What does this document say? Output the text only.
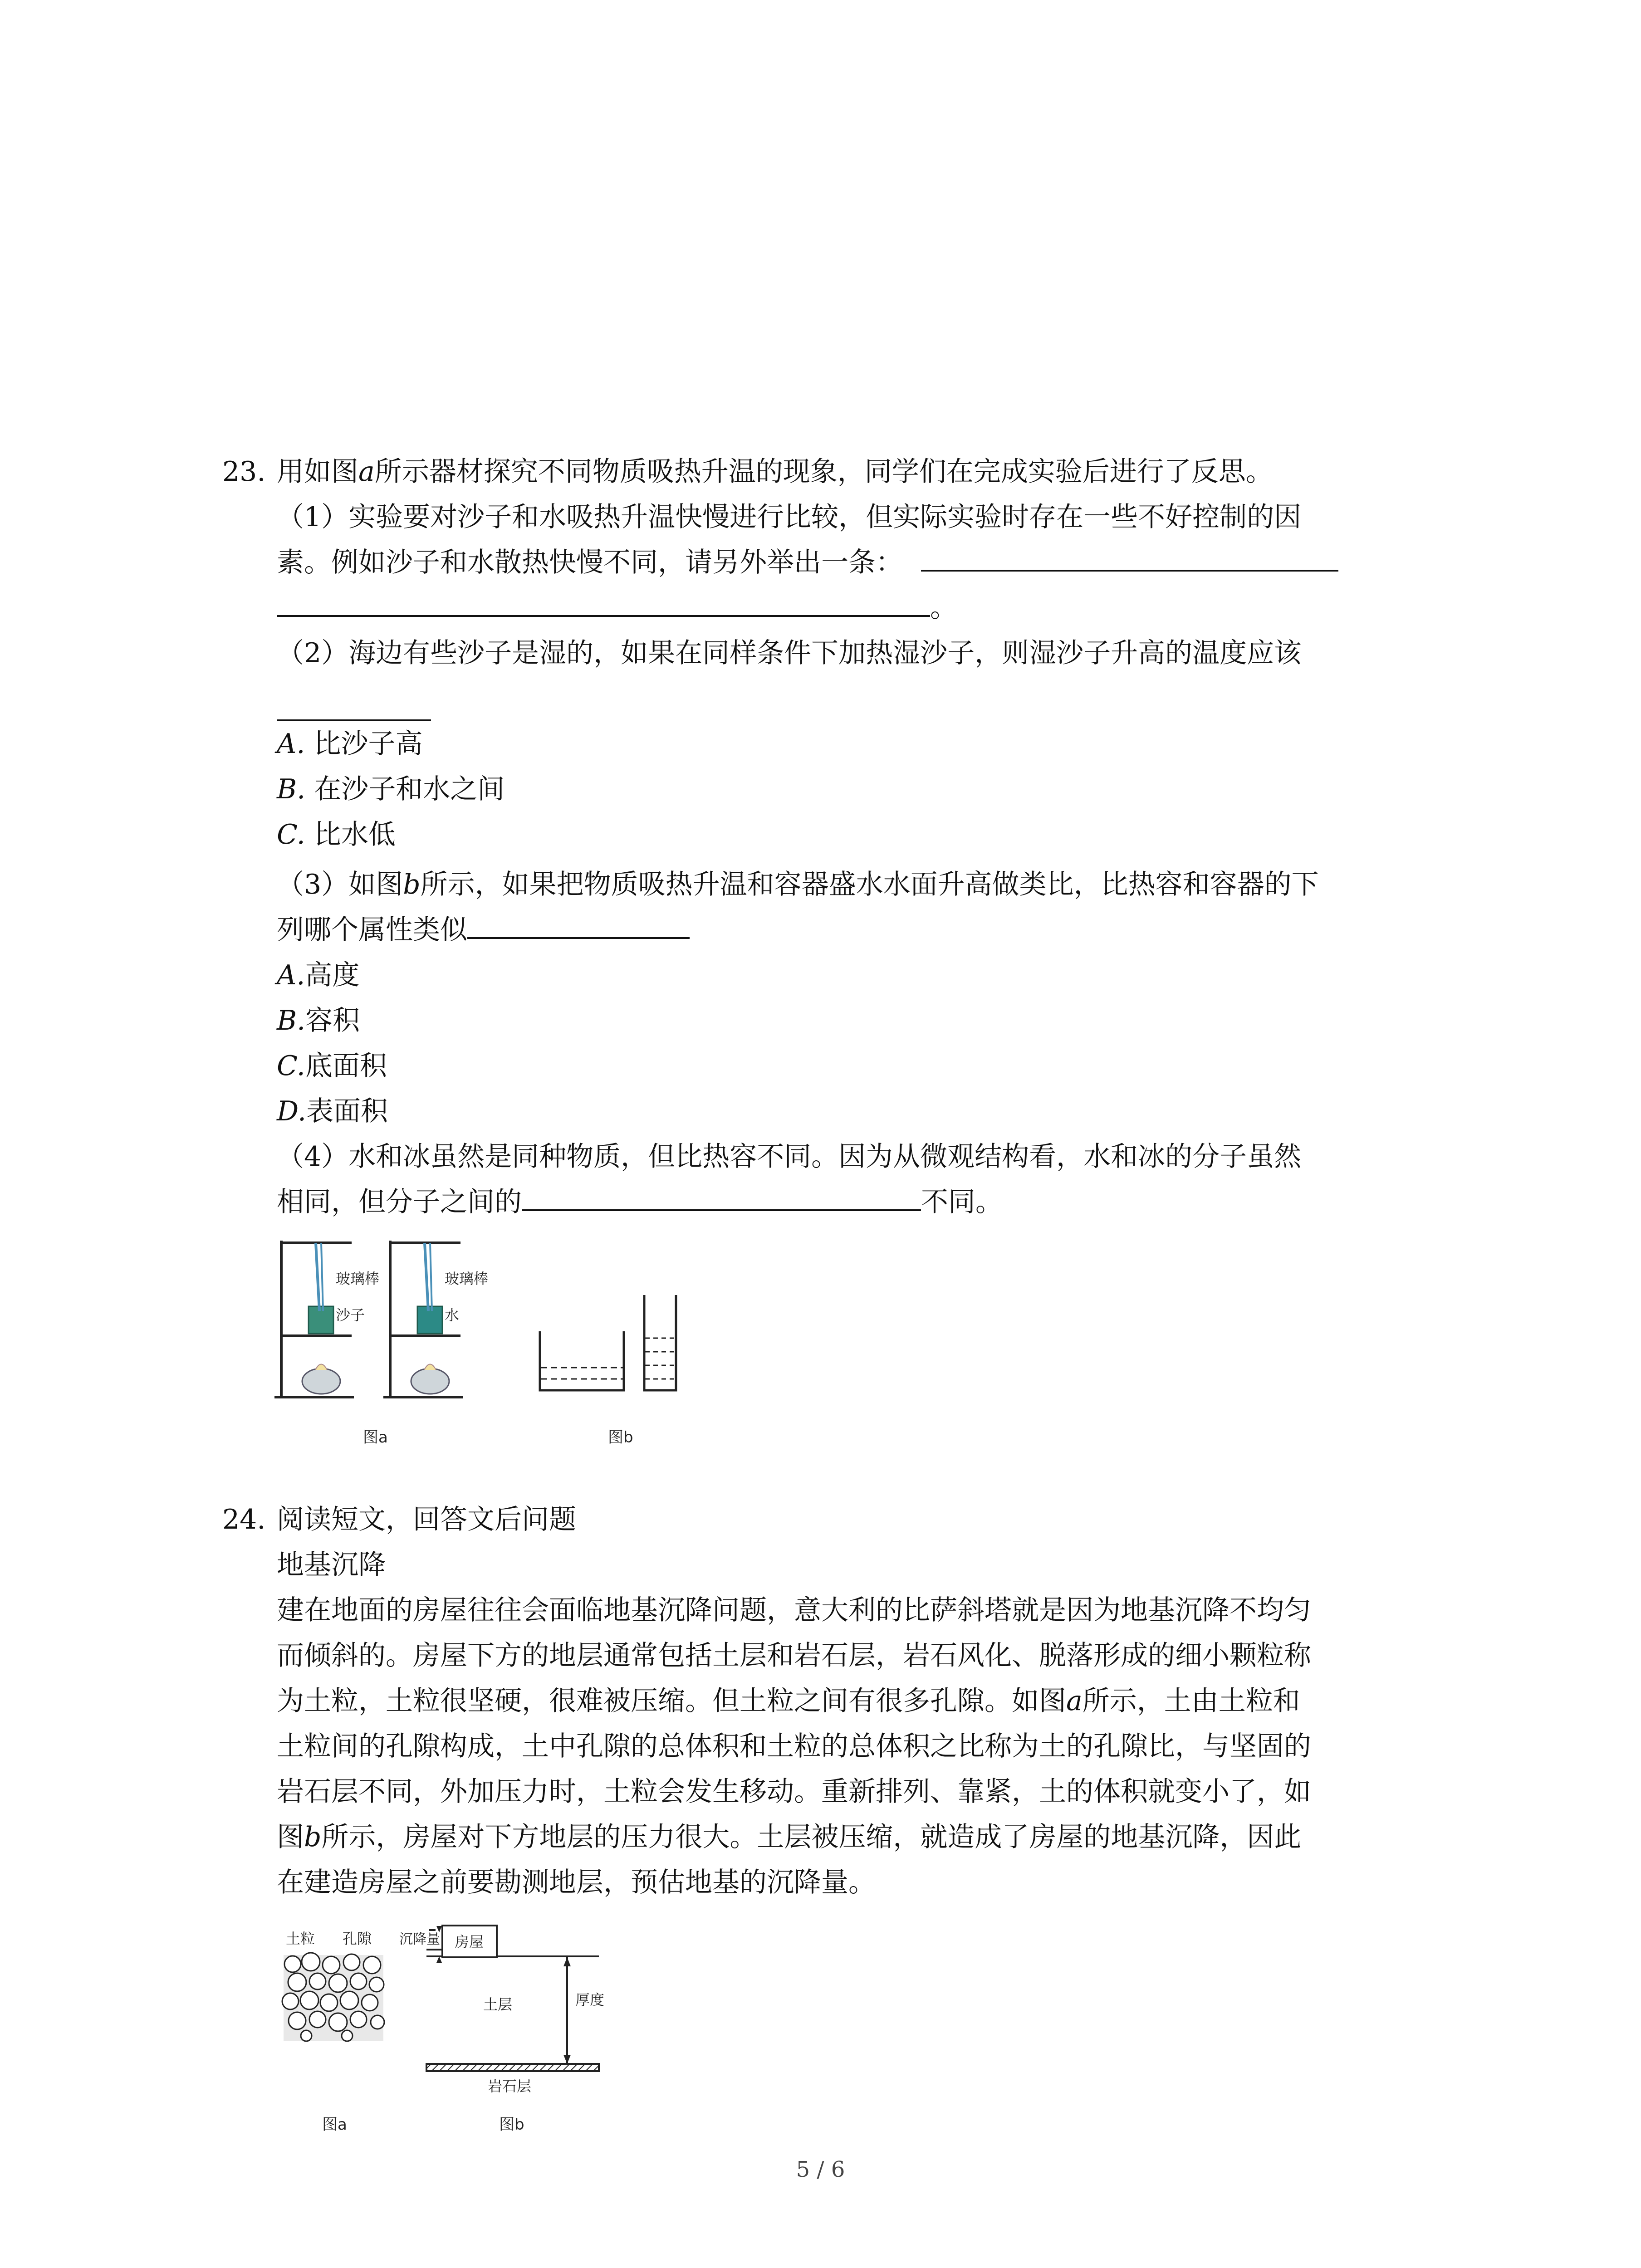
23. 用如图a所示器材探究不同物质吸热升温的现象，同学们在完成实验后进行了反思。
（1）实验要对沙子和水吸热升温快慢进行比较，但实际实验时存在一些不好控制的因
素。例如沙子和水散热快慢不同，请另外举出一条：
。
（2）海边有些沙子是湿的，如果在同样条件下加热湿沙子，则湿沙子升高的温度应该
A. 比沙子高
B. 在沙子和水之间
C. 比水低
（3）如图b所示，如果把物质吸热升温和容器盛水水面升高做类比，比热容和容器的下
列哪个属性类似
A.高度
B.容积
C.底面积
D.表面积
（4）水和冰虽然是同种物质，但比热容不同。因为从微观结构看，水和冰的分子虽然
相同，但分子之间的	不同。
玻璃棒
沙子
玻璃棒
水
图a	图b
24. 阅读短文，回答文后问题
地基沉降
建在地面的房屋往往会面临地基沉降问题，意大利的比萨斜塔就是因为地基沉降不均匀
而倾斜的。房屋下方的地层通常包括土层和岩石层，岩石风化、脱落形成的细小颗粒称
为土粒，土粒很坚硬，很难被压缩。但土粒之间有很多孔隙。如图a所示，土由土粒和
土粒间的孔隙构成，土中孔隙的总体积和土粒的总体积之比称为土的孔隙比，与坚固的
岩石层不同，外加压力时，土粒会发生移动。重新排列、靠紧，土的体积就变小了，如
图b所示，房屋对下方地层的压力很大。土层被压缩，就造成了房屋的地基沉降，因此
在建造房屋之前要勘测地层，预估地基的沉降量。
土粒 孔隙 沉降量 房屋
土层	厚度
岩石层
图a	图b
5 / 6
